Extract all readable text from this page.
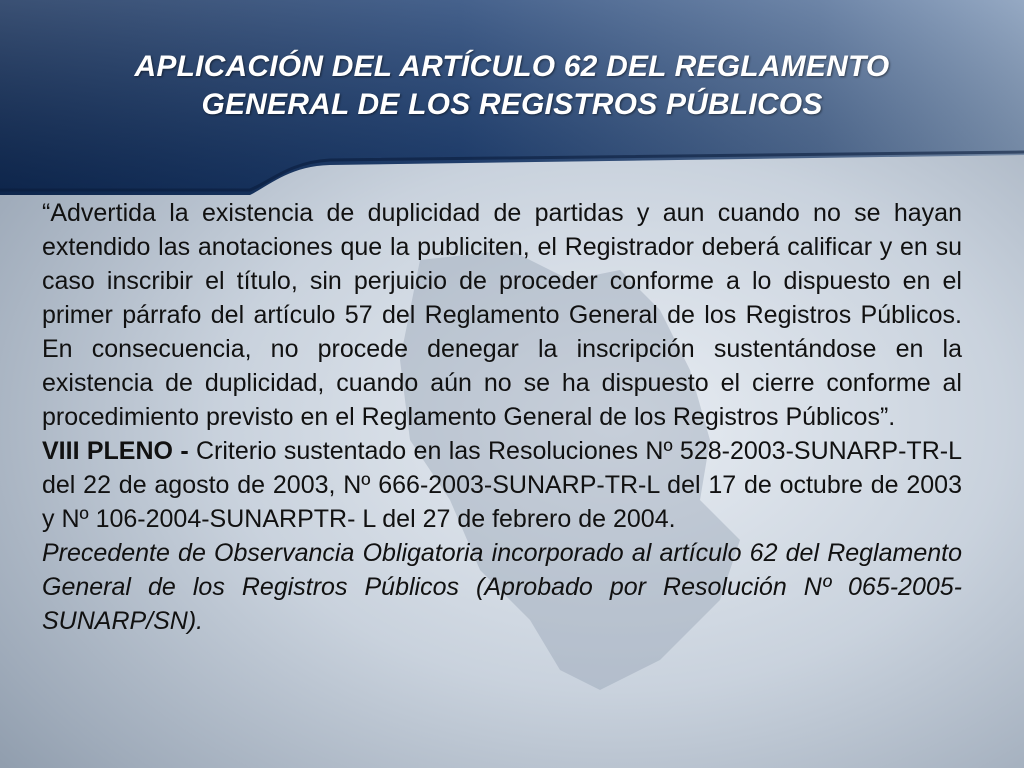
APLICACIÓN DEL ARTÍCULO 62 DEL REGLAMENTO
GENERAL DE LOS REGISTROS PÚBLICOS

“Advertida la existencia de duplicidad de partidas y aun cuando no se hayan extendido las anotaciones que la publiciten, el Registrador deberá calificar y en su caso inscribir el título, sin perjuicio de proceder conforme a lo dispuesto en el primer párrafo del artículo 57 del Reglamento General de los Registros Públicos. En consecuencia, no procede denegar la inscripción sustentándose en la existencia de duplicidad, cuando aún no se ha dispuesto el cierre conforme al procedimiento previsto en el Reglamento General de los Registros Públicos”.

VIII PLENO - Criterio sustentado en las Resoluciones Nº 528-2003-SUNARP-TR-L del 22 de agosto de 2003, Nº 666-2003-SUNARP-TR-L del 17 de octubre de 2003 y Nº 106-2004-SUNARPTR- L del 27 de febrero de 2004.

Precedente de Observancia Obligatoria incorporado al artículo 62 del Reglamento General de los Registros Públicos (Aprobado por Resolución Nº 065-2005-SUNARP/SN).
